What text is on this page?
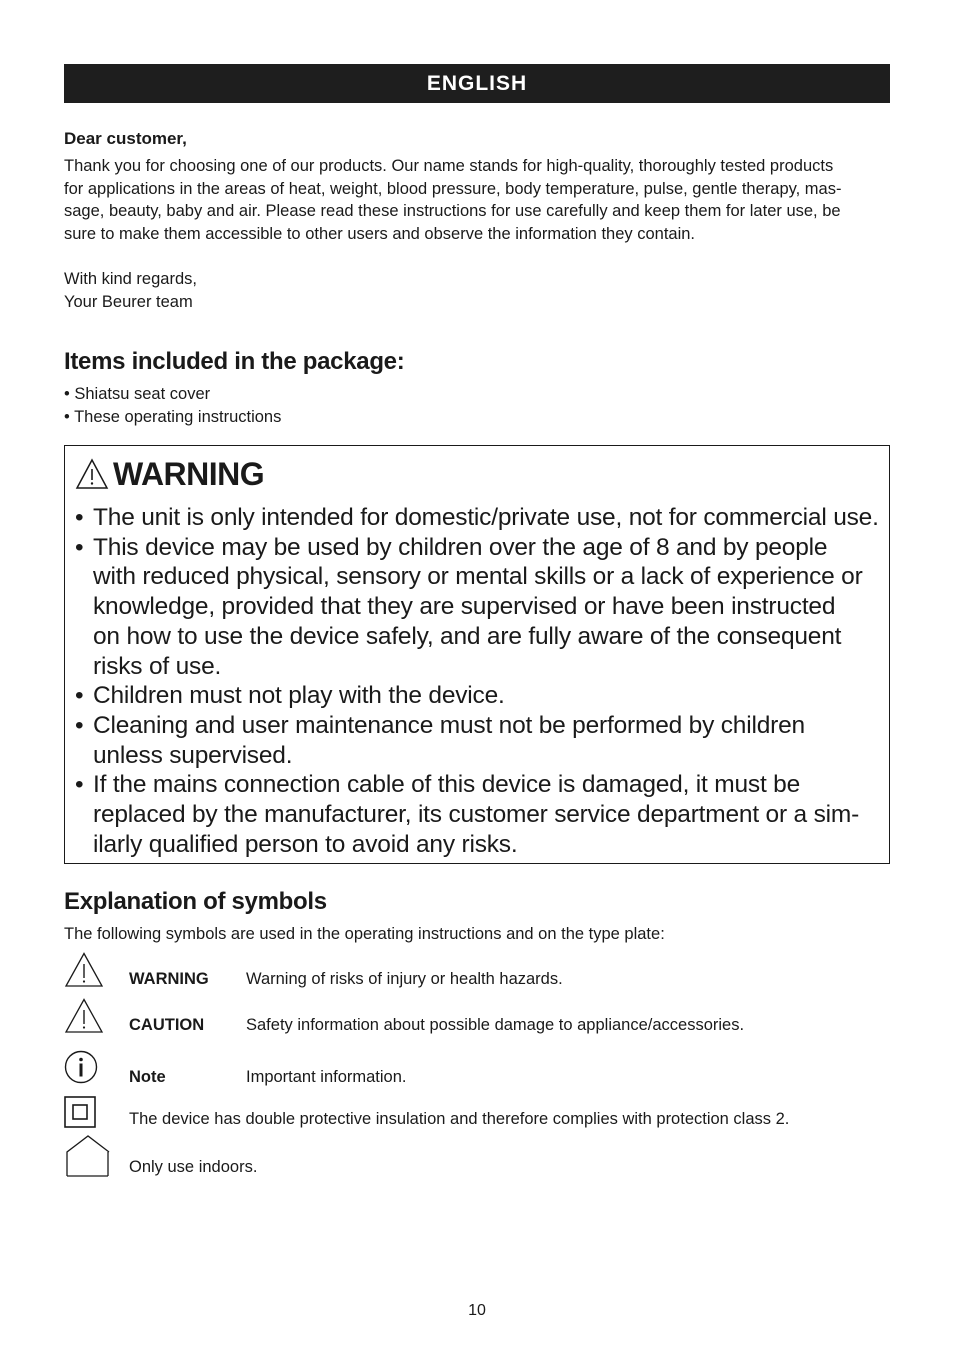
ENGLISH
Dear customer,
Thank you for choosing one of our products. Our name stands for high-quality, thoroughly tested products
for applications in the areas of heat, weight, blood pressure, body temperature, pulse, gentle therapy, mas-
sage, beauty, baby and air. Please read these instructions for use carefully and keep them for later use, be
sure to make them accessible to other users and observe the information they contain.
With kind regards,
Your Beurer team
Items included in the package:
• Shiatsu seat cover
• These operating instructions
WARNING
• The unit is only intended for domestic/private use, not for commercial use.
• This device may be used by children over the age of 8 and by people
with reduced physical, sensory or mental skills or a lack of experience or
knowledge, provided that they are supervised or have been instructed
on how to use the device safely, and are fully aware of the consequent
risks of use.
• Children must not play with the device.
• Cleaning and user maintenance must not be performed by children
unless supervised.
• If the mains connection cable of this device is damaged, it must be
replaced by the manufacturer, its customer service department or a sim-
ilarly qualified person to avoid any risks.
Explanation of symbols
The following symbols are used in the operating instructions and on the type plate:
WARNING Warning of risks of injury or health hazards.
CAUTION	Safety information about possible damage to appliance/accessories.
Note	Important information.
The device has double protective insulation and therefore complies with protection class 2.
Only use indoors.
10
